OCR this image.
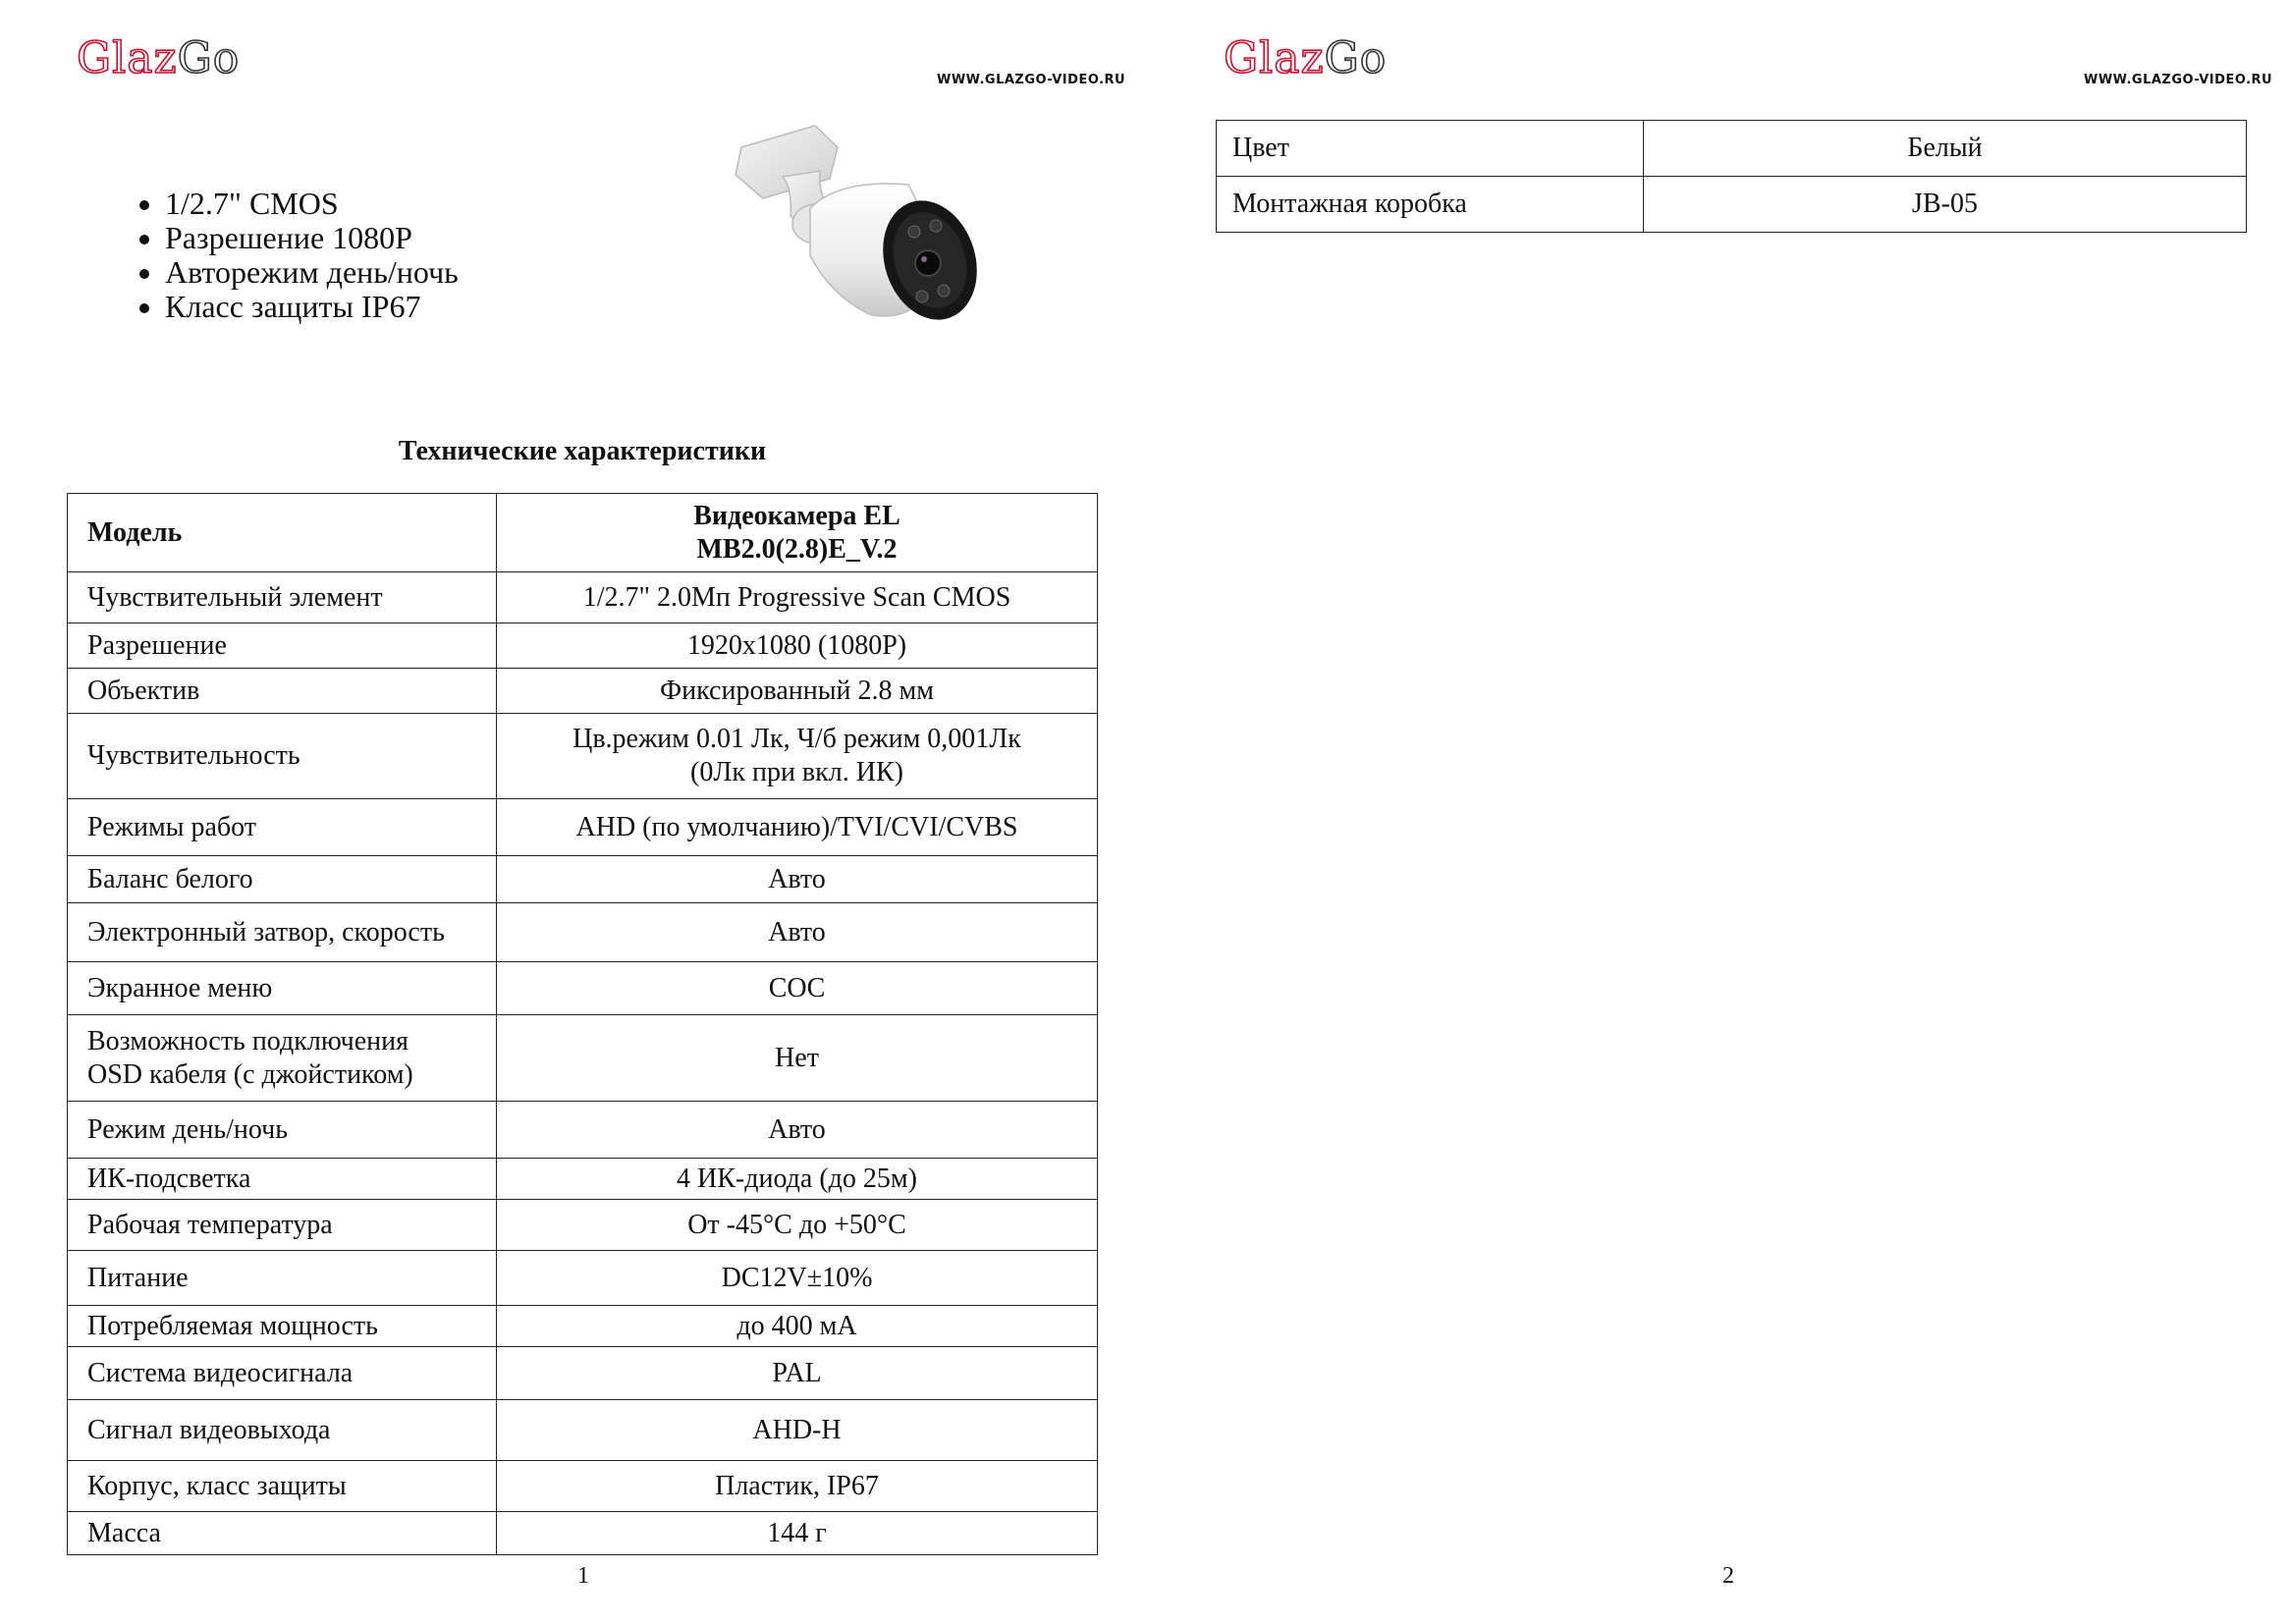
GlazGo	WWW.GLAZGO-VIDEO.RU
• 1/2.7" CMOS
• Разрешение 1080P
• Авторежим день/ночь
• Класс защиты IP67
Технические характеристики
Модель	Видеокамера EL
MB2.0(2.8)E_V.2

Чувствительный элемент	1/2.7" 2.0Мп Progressive Scan CMOS
Разрешение	1920x1080 (1080P)
Объектив	Фиксированный 2.8 мм
Чувствительность	Цв.режим 0.01 Лк, Ч/б режим 0,001Лк
(0Лк при вкл. ИК)

Режимы работ	AHD (по умолчанию)/TVI/CVI/CVBS
Баланс белого	Авто
Электронный затвор, скорость	Авто
Экранное меню	COC

Возможность подключения
OSD кабеля (с джойстиком)	Нет
Режим день/ночь	Авто
ИК-подсветка	4 ИК-диода (до 25м)
Рабочая температура	От -45°C до +50°C
Питание	DC12V±10%
Потребляемая мощность	до 400 мА
Система видеосигнала	PAL
Сигнал видеовыхода	AHD-H
Корпус, класс защиты	Пластик, IP67
Масса	144 г
1
GlazGo	WWW.GLAZGO-VIDEO.RU
2
Цвет	Белый
Монтажная коробка	JB-05
